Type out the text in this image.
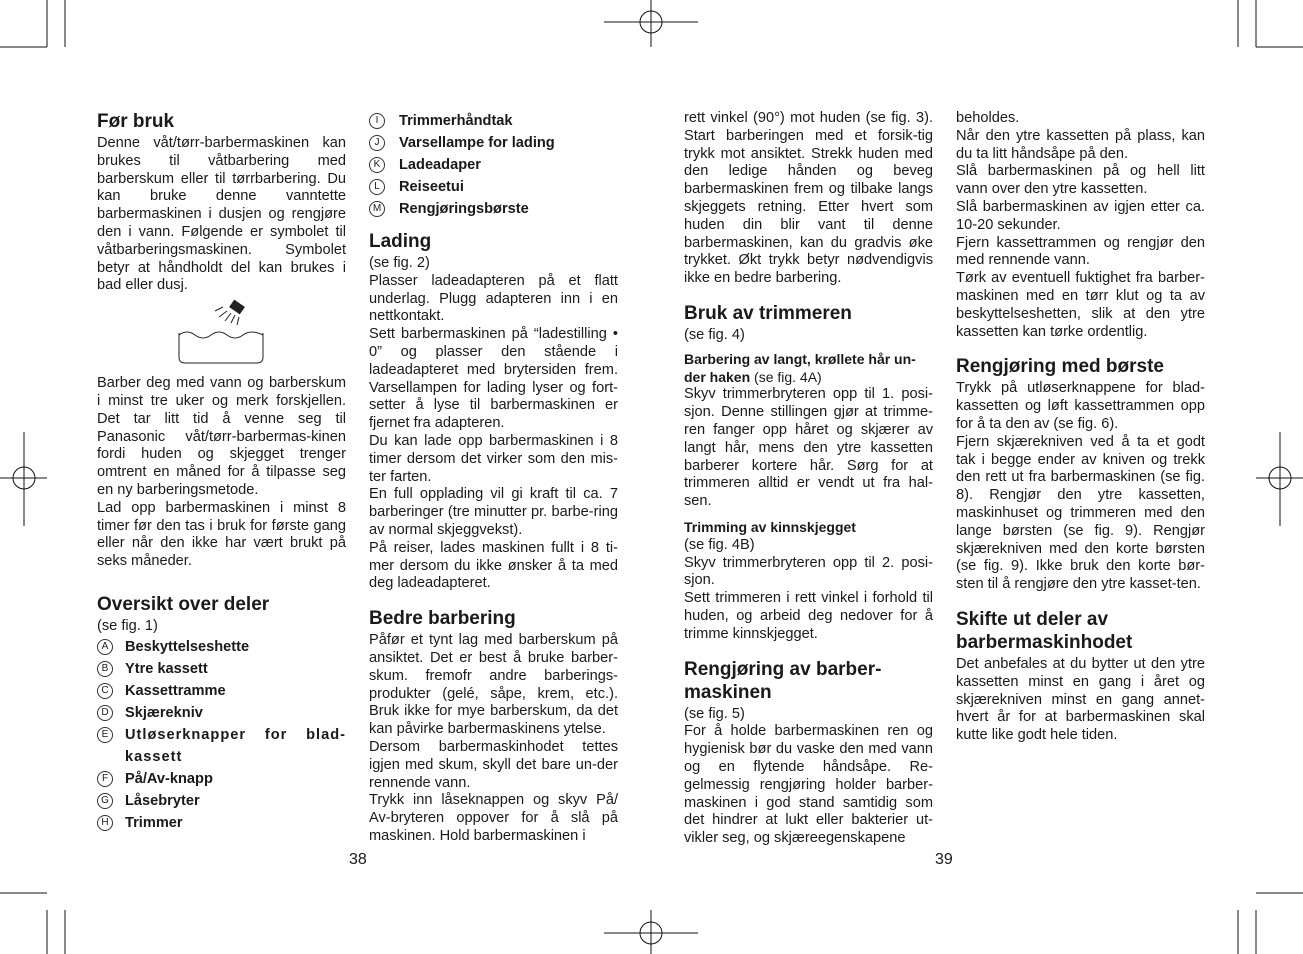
Før bruk

Denne våt/tørr-barbermaskinen kan brukes til våtbarbering med barberskum eller til tørrbarbering. Du kan bruke denne vanntette barbermaskinen i dusjen og rengjøre den i vann. Følgende er symbolet til våtbarberingsmaskinen. Symbolet betyr at håndholdt del kan brukes i bad eller dusj.

Barber deg med vann og barberskum i minst tre uker og merk forskjellen. Det tar litt tid å venne seg til Panasonic våt/tørr-barbermas-kinen fordi huden og skjegget trenger omtrent en måned for å tilpasse seg en ny barberingsmetode.

Lad opp barbermaskinen i minst 8 timer før den tas i bruk for første gang eller når den ikke har vært brukt på seks måneder.

Oversikt over deler

(se fig. 1)

A	Beskyttelseshette
B	Ytre kassett
C	Kassettramme
D	Skjærekniv
E	Utløserknapper for blad-kassett
F	På/Av-knapp
G Låsebryter
H	Trimmer
I	Trimmerhåndtak
J	Varsellampe for lading
K	Ladeadaper
L	Reiseetui
M Rengjøringsbørste
Lading

(se fig. 2)

Plasser ladeadapteren på et flatt underlag. Plugg adapteren inn i en nettkontakt.

Sett barbermaskinen på “ladestilling • 0” og plasser den stående i ladeadapteret med brytersiden frem. Varsellampen for lading lyser og fort-setter å lyse til barbermaskinen er fjernet fra adapteren.

Du kan lade opp barbermaskinen i 8 timer dersom det virker som den mis-ter farten.

En full opplading vil gi kraft til ca. 7 barberinger (tre minutter pr. barbe-ring av normal skjeggvekst).

På reiser, lades maskinen fullt i 8 ti-mer dersom du ikke ønsker å ta med deg ladeadapteret.

Bedre barbering

Påfør et tynt lag med barberskum på ansiktet. Det er best å bruke barber-skum. fremofr andre barberings-produkter (gelé, såpe, krem, etc.). Bruk ikke for mye barberskum, da det kan påvirke barbermaskinens ytelse.

Dersom barbermaskinhodet tettes igjen med skum, skyll det bare un-der rennende vann.

Trykk inn låseknappen og skyv På/ Av-bryteren oppover for å slå på maskinen. Hold barbermaskinen i

rett vinkel (90°) mot huden (se fig. 3). Start barberingen med et forsik-tig trykk mot ansiktet. Strekk huden med den ledige hånden og beveg barbermaskinen frem og tilbake langs skjeggets retning. Etter hvert som huden din blir vant til denne barbermaskinen, kan du gradvis øke trykket. Økt trykk betyr nødvendigvis ikke en bedre barbering.

Bruk av trimmeren

(se fig. 4)

Barbering av langt, krøllete hår un-der haken (se fig. 4A)

Skyv trimmerbryteren opp til 1. posi-sjon. Denne stillingen gjør at trimme-ren fanger opp håret og skjærer av langt hår, mens den ytre kassetten barberer kortere hår. Sørg for at trimmeren alltid er vendt ut fra hal-sen.

Trimming av kinnskjegget

(se fig. 4B)

Skyv trimmerbryteren opp til 2. posi-sjon.

Sett trimmeren i rett vinkel i forhold til huden, og arbeid deg nedover for å trimme kinnskjegget.

Rengjøring av barber-maskinen

(se fig. 5)

For å holde barbermaskinen ren og hygienisk bør du vaske den med vann og en flytende håndsåpe. Re-gelmessig rengjøring holder barber-maskinen i god stand samtidig som det hindrer at lukt eller bakterier ut-vikler seg, og skjæreegenskapene

beholdes.

Når den ytre kassetten på plass, kan du ta litt håndsåpe på den.

Slå barbermaskinen på og hell litt vann over den ytre kassetten.

Slå barbermaskinen av igjen etter ca. 10-20 sekunder.

Fjern kassettrammen og rengjør den med rennende vann.

Tørk av eventuell fuktighet fra barber-maskinen med en tørr klut og ta av beskyttelseshetten, slik at den ytre kassetten kan tørke ordentlig.

Rengjøring med børste

Trykk på utløserknappene for blad-kassetten og løft kassettrammen opp for å ta den av (se fig. 6).

Fjern skjærekniven ved å ta et godt tak i begge ender av kniven og trekk den rett ut fra barbermaskinen (se fig. 8). Rengjør den ytre kassetten, maskinhuset og trimmeren med den lange børsten (se fig. 9). Rengjør skjærekniven med den korte børsten (se fig. 9). Ikke bruk den korte bør-sten til å rengjøre den ytre kasset-ten.

Skifte ut deler av barbermaskinhodet

Det anbefales at du bytter ut den ytre kassetten minst en gang i året og skjærekniven minst en gang annet-hvert år for at barbermaskinen skal kutte like godt hele tiden.

38	39
